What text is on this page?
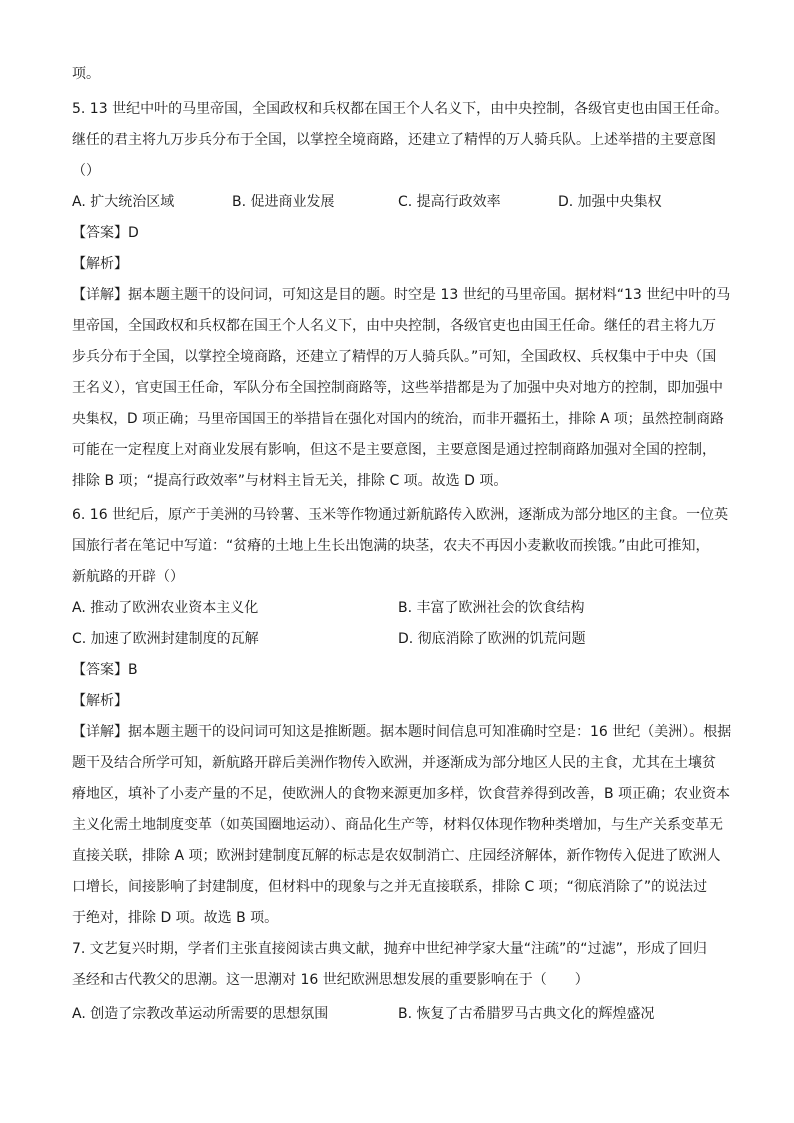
项。
5. 13 世纪中叶的马里帝国，全国政权和兵权都在国王个人名义下，由中央控制，各级官吏也由国王任命。
继任的君主将九万步兵分布于全国，以掌控全境商路，还建立了精悍的万人骑兵队。上述举措的主要意图
（）
A. 扩大统治区域	B. 促进商业发展	C. 提高行政效率	D. 加强中央集权
【答案】D
【解析】
【详解】据本题主题干的设问词，可知这是目的题。时空是 13 世纪的马里帝国。据材料“13 世纪中叶的马
里帝国，全国政权和兵权都在国王个人名义下，由中央控制，各级官吏也由国王任命。继任的君主将九万
步兵分布于全国，以掌控全境商路，还建立了精悍的万人骑兵队。”可知，全国政权、兵权集中于中央（国
王名义），官吏国王任命，军队分布全国控制商路等，这些举措都是为了加强中央对地方的控制，即加强中
央集权，D 项正确；马里帝国国王的举措旨在强化对国内的统治，而非开疆拓土，排除 A 项；虽然控制商路
可能在一定程度上对商业发展有影响，但这不是主要意图，主要意图是通过控制商路加强对全国的控制，
排除 B 项；“提高行政效率”与材料主旨无关，排除 C 项。故选 D 项。
6. 16 世纪后，原产于美洲的马铃薯、玉米等作物通过新航路传入欧洲，逐渐成为部分地区的主食。一位英
国旅行者在笔记中写道：“贫瘠的土地上生长出饱满的块茎，农夫不再因小麦歉收而挨饿。”由此可推知，
新航路的开辟（）
A. 推动了欧洲农业资本主义化	B. 丰富了欧洲社会的饮食结构
C. 加速了欧洲封建制度的瓦解	D. 彻底消除了欧洲的饥荒问题
【答案】B
【解析】
【详解】据本题主题干的设问词可知这是推断题。据本题时间信息可知准确时空是：16 世纪（美洲）。根据
题干及结合所学可知，新航路开辟后美洲作物传入欧洲，并逐渐成为部分地区人民的主食，尤其在土壤贫
瘠地区，填补了小麦产量的不足，使欧洲人的食物来源更加多样，饮食营养得到改善，B 项正确；农业资本
主义化需土地制度变革（如英国圈地运动）、商品化生产等，材料仅体现作物种类增加，与生产关系变革无
直接关联，排除 A 项；欧洲封建制度瓦解的标志是农奴制消亡、庄园经济解体，新作物传入促进了欧洲人
口增长，间接影响了封建制度，但材料中的现象与之并无直接联系，排除 C 项；“彻底消除了”的说法过
于绝对，排除 D 项。故选 B 项。
7. 文艺复兴时期，学者们主张直接阅读古典文献，抛弃中世纪神学家大量“注疏”的“过滤”，形成了回归
圣经和古代教父的思潮。这一思潮对 16 世纪欧洲思想发展的重要影响在于（　　）
A. 创造了宗教改革运动所需要的思想氛围	B. 恢复了古希腊罗马古典文化的辉煌盛况
